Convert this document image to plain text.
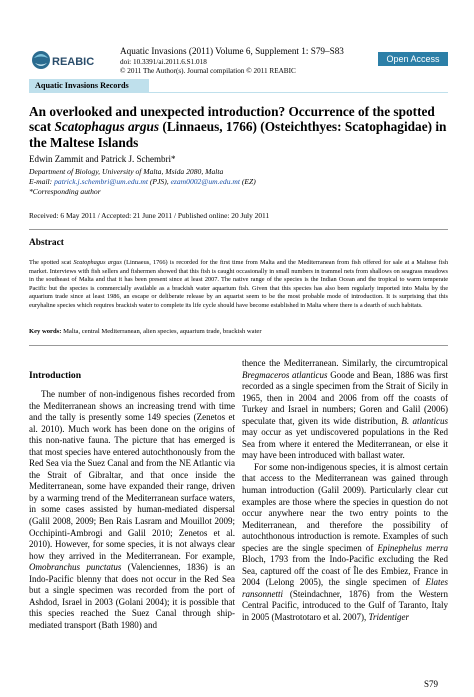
REABIC
Aquatic Invasions (2011) Volume 6, Supplement 1: S79–S83
doi: 10.3391/ai.2011.6.S1.018
© 2011 The Author(s). Journal compilation © 2011 REABIC
Open Access
Aquatic Invasions Records
An overlooked and unexpected introduction? Occurrence of the spotted scat Scatophagus argus (Linnaeus, 1766) (Osteichthyes: Scatophagidae) in the Maltese Islands
Edwin Zammit and Patrick J. Schembri*
Department of Biology, University of Malta, Msida 2080, Malta
E-mail: patrick.j.schembri@um.edu.mt (PJS), ezam0002@um.edu.mt (EZ)
*Corresponding author
Received: 6 May 2011 / Accepted: 21 June 2011 / Published online: 20 July 2011
Abstract
The spotted scat Scatophagus argus (Linnaeus, 1766) is recorded for the first time from Malta and the Mediterranean from fish offered for sale at a Maltese fish market. Interviews with fish sellers and fishermen showed that this fish is caught occasionally in small numbers in trammel nets from shallows on seagrass meadows in the southeast of Malta and that it has been present since at least 2007. The native range of the species is the Indian Ocean and the tropical to warm temperate Pacific but the species is commercially available as a brackish water aquarium fish. Given that this species has also been regularly imported into Malta by the aquarium trade since at least 1986, an escape or deliberate release by an aquarist seem to be the most probable mode of introduction. It is surprising that this euryhaline species which requires brackish water to complete its life cycle should have become established in Malta where there is a dearth of such habitats.
Key words: Malta, central Mediterranean, alien species, aquarium trade, brackish water
Introduction

The number of non-indigenous fishes recorded from the Mediterranean shows an increasing trend with time and the tally is presently some 149 species (Zenetos et al. 2010). Much work has been done on the origins of this non-native fauna. The picture that has emerged is that most species have entered autochthonously from the Red Sea via the Suez Canal and from the NE Atlantic via the Strait of Gibraltar, and that once inside the Mediterranean, some have expanded their range, driven by a warming trend of the Mediterranean surface waters, in some cases assisted by human-mediated dispersal (Galil 2008, 2009; Ben Rais Lasram and Mouillot 2009; Occhipinti-Ambrogi and Galil 2010; Zenetos et al. 2010). However, for some species, it is not always clear how they arrived in the Mediterranean. For example, Omobranchus punctatus (Valenciennes, 1836) is an Indo-Pacific blenny that does not occur in the Red Sea but a single specimen was recorded from the port of Ashdod, Israel in 2003 (Golani 2004); it is possible that this species reached the Suez Canal through ship-mediated transport (Bath 1980) and

thence the Mediterranean. Similarly, the circumtropical Bregmaceros atlanticus Goode and Bean, 1886 was first recorded as a single specimen from the Strait of Sicily in 1965, then in 2004 and 2006 from off the coasts of Turkey and Israel in numbers; Goren and Galil (2006) speculate that, given its wide distribution, B. atlanticus may occur as yet undiscovered populations in the Red Sea from where it entered the Mediterranean, or else it may have been introduced with ballast water.

For some non-indigenous species, it is almost certain that access to the Mediterranean was gained through human introduction (Galil 2009). Particularly clear cut examples are those where the species in question do not occur anywhere near the two entry points to the Mediterranean, and therefore the possibility of autochthonous introduction is remote. Examples of such species are the single specimen of Epinephelus merra Bloch, 1793 from the Indo-Pacific excluding the Red Sea, captured off the coast of Île des Embiez, France in 2004 (Lelong 2005), the single specimen of Elates ransonnetti (Steindachner, 1876) from the Western Central Pacific, introduced to the Gulf of Taranto, Italy in 2005 (Mastrototaro et al. 2007), Tridentiger

S79
